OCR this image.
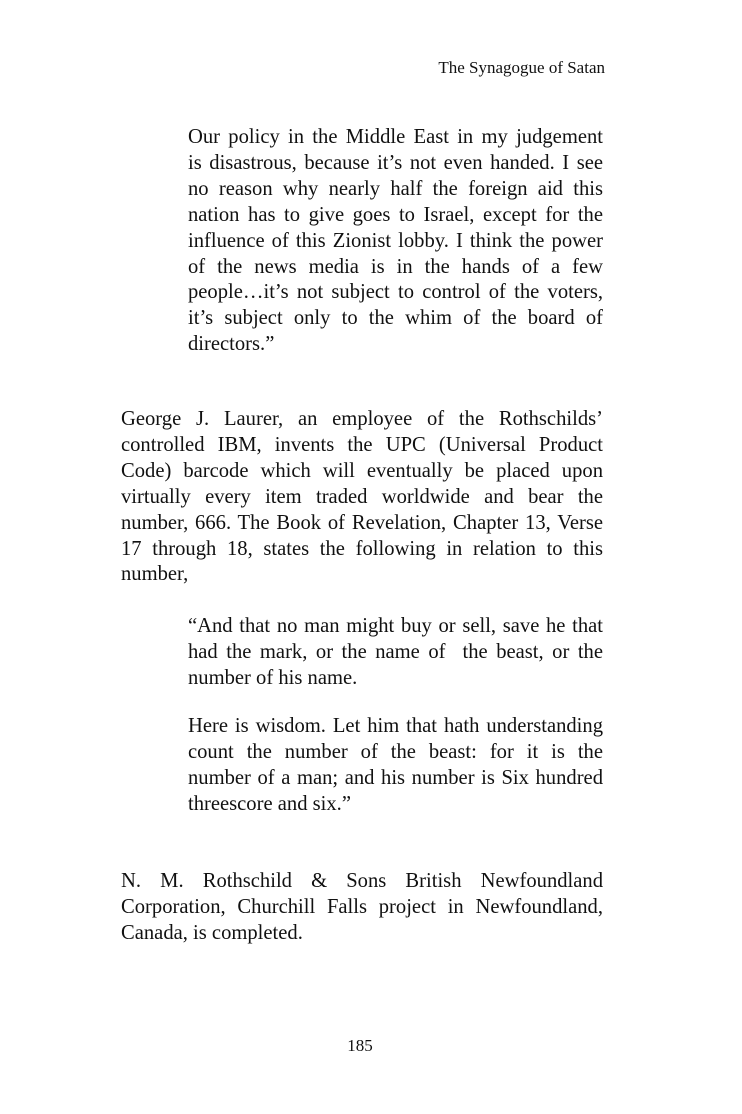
The Synagogue of Satan
Our policy in the Middle East in my judgement
is disastrous, because it’s not even handed. I see
no reason why nearly half the foreign aid this
nation has to give goes to Israel, except for the
influence of this Zionist lobby. I think the power
of the news media is in the hands of a few
people…it’s not subject to control of the voters,
it’s subject only to the whim of the board of
directors.”
George J. Laurer, an employee of the Rothschilds’
controlled IBM, invents the UPC (Universal Product
Code) barcode which will eventually be placed upon
virtually every item traded worldwide and bear the
number, 666. The Book of Revelation, Chapter 13, Verse
17 through 18, states the following in relation to this
number,
“And that no man might buy or sell, save he that
had the mark, or the name of  the beast, or the
number of his name.
Here is wisdom. Let him that hath understanding
count the number of the beast: for it is the
number of a man; and his number is Six hundred
threescore and six.”
N. M. Rothschild & Sons British Newfoundland
Corporation, Churchill Falls project in Newfoundland,
Canada, is completed.
185
